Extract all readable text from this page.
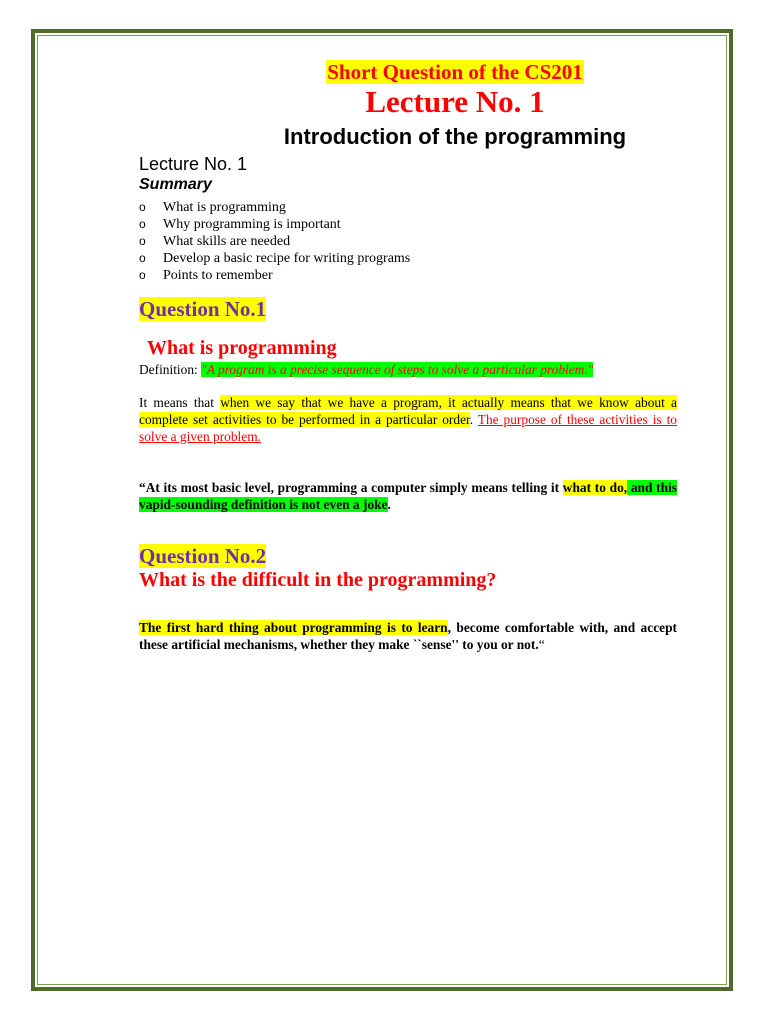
Short Question of the CS201
Lecture No. 1
Introduction of the programming
Lecture No. 1
Summary
o What is programming
o Why programming is important
o What skills are needed
o Develop a basic recipe for writing programs
o Points to remember
Question No.1
What is programming
Definition: "A program is a precise sequence of steps to solve a particular problem."
It means that when we say that we have a program, it actually means that we know about a complete set activities to be performed in a particular order. The purpose of these activities is to solve a given problem.
“At its most basic level, programming a computer simply means telling it what to do, and this vapid-sounding definition is not even a joke.
Question No.2
What is the difficult in the programming?
The first hard thing about programming is to learn, become comfortable with, and accept these artificial mechanisms, whether they make ``sense'' to you or not.“
